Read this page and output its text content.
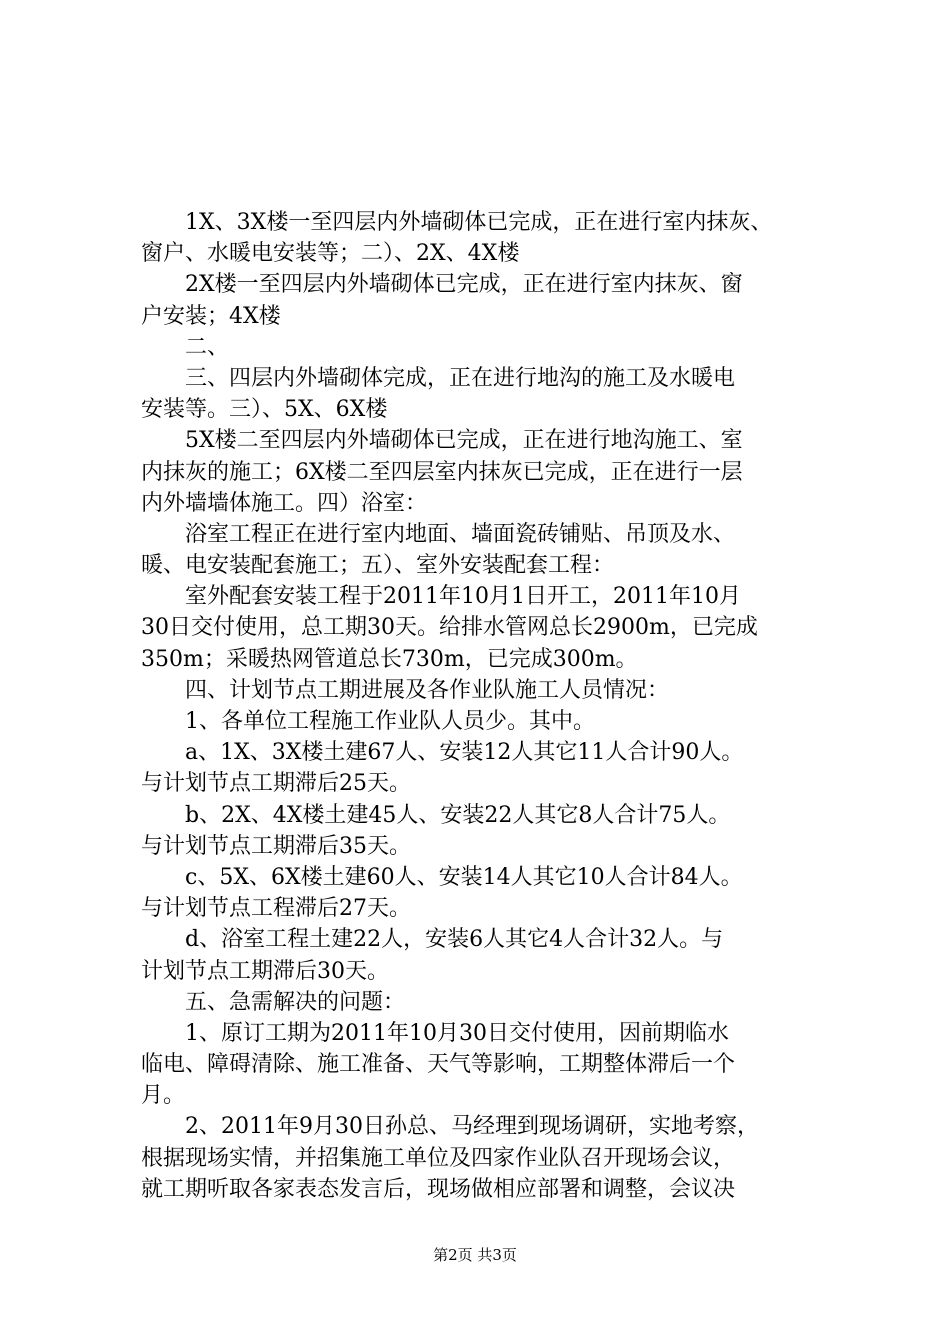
1X、3X楼一至四层内外墙砌体已完成，正在进行室内抹灰、
窗户、水暖电安装等；二）、2X、4X楼
2X楼一至四层内外墙砌体已完成，正在进行室内抹灰、窗
户安装；4X楼
二、
三、四层内外墙砌体完成，正在进行地沟的施工及水暖电
安装等。三）、5X、6X楼
5X楼二至四层内外墙砌体已完成，正在进行地沟施工、室
内抹灰的施工；6X楼二至四层室内抹灰已完成，正在进行一层
内外墙墙体施工。四）浴室：
浴室工程正在进行室内地面、墙面瓷砖铺贴、吊顶及水、
暖、电安装配套施工；五）、室外安装配套工程：
室外配套安装工程于2011年10月1日开工，2011年10月
30日交付使用，总工期30天。给排水管网总长2900m，已完成
350m；采暖热网管道总长730m，已完成300m。
四、计划节点工期进展及各作业队施工人员情况：
1、各单位工程施工作业队人员少。其中。
a、1X、3X楼土建67人、安装12人其它11人合计90人。
与计划节点工期滞后25天。
b、2X、4X楼土建45人、安装22人其它8人合计75人。
与计划节点工期滞后35天。
c、5X、6X楼土建60人、安装14人其它10人合计84人。
与计划节点工程滞后27天。
d、浴室工程土建22人，安装6人其它4人合计32人。与
计划节点工期滞后30天。
五、急需解决的问题：
1、原订工期为2011年10月30日交付使用，因前期临水
临电、障碍清除、施工准备、天气等影响，工期整体滞后一个
月。
2、2011年9月30日孙总、马经理到现场调研，实地考察，
根据现场实情，并招集施工单位及四家作业队召开现场会议，
就工期听取各家表态发言后，现场做相应部署和调整，会议决
第2页 共3页
